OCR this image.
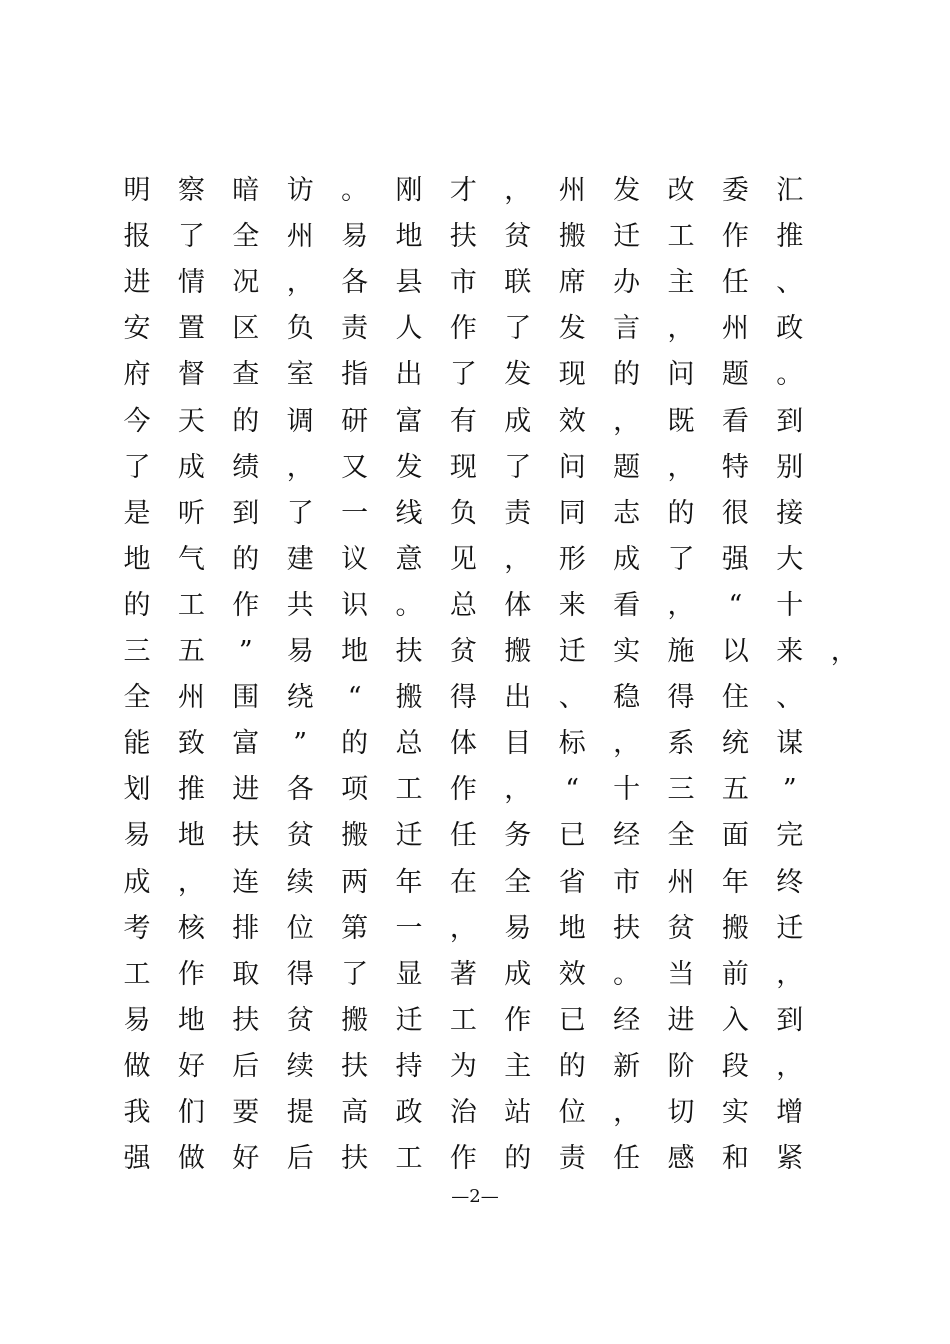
明 察 暗 访 。 刚 才 ， 州 发 改 委 汇
报 了 全 州 易 地 扶 贫 搬 迁 工 作 推
进 情 况 ， 各 县 市 联 席 办 主 任 、
安 置 区 负 责 人 作 了 发 言 ， 州 政
府 督 查 室 指 出 了 发 现 的 问 题 。
今 天 的 调 研 富 有 成 效 ， 既 看 到
了 成 绩 ， 又 发 现 了 问 题 ， 特 别
是 听 到 了 一 线 负 责 同 志 的 很 接
地 气 的 建 议 意 见 ， 形 成 了 强 大
的 工 作 共 识 。 总 体 来 看 ，	“	十
三 五	”	易 地 扶 贫 搬 迁 实 施 以 来 ，
全 州 围 绕	“	搬 得 出 、 稳 得 住 、
能 致 富	”	的 总 体 目 标 ， 系 统 谋
划 推 进 各 项 工 作 ，	“	十 三 五	”
易 地 扶 贫 搬 迁 任 务 已 经 全 面 完
成 ， 连 续 两 年 在 全 省 市 州 年 终
考 核 排 位 第 一 ， 易 地 扶 贫 搬 迁
工 作 取 得 了 显 著 成 效 。 当 前 ，
易 地 扶 贫 搬 迁 工 作 已 经 进 入 到
做 好 后 续 扶 持 为 主 的 新 阶 段 ，
我 们 要 提 高 政 治 站 位 ， 切 实 增
强 做 好 后 扶 工 作 的 责 任 感 和 紧
—2—
